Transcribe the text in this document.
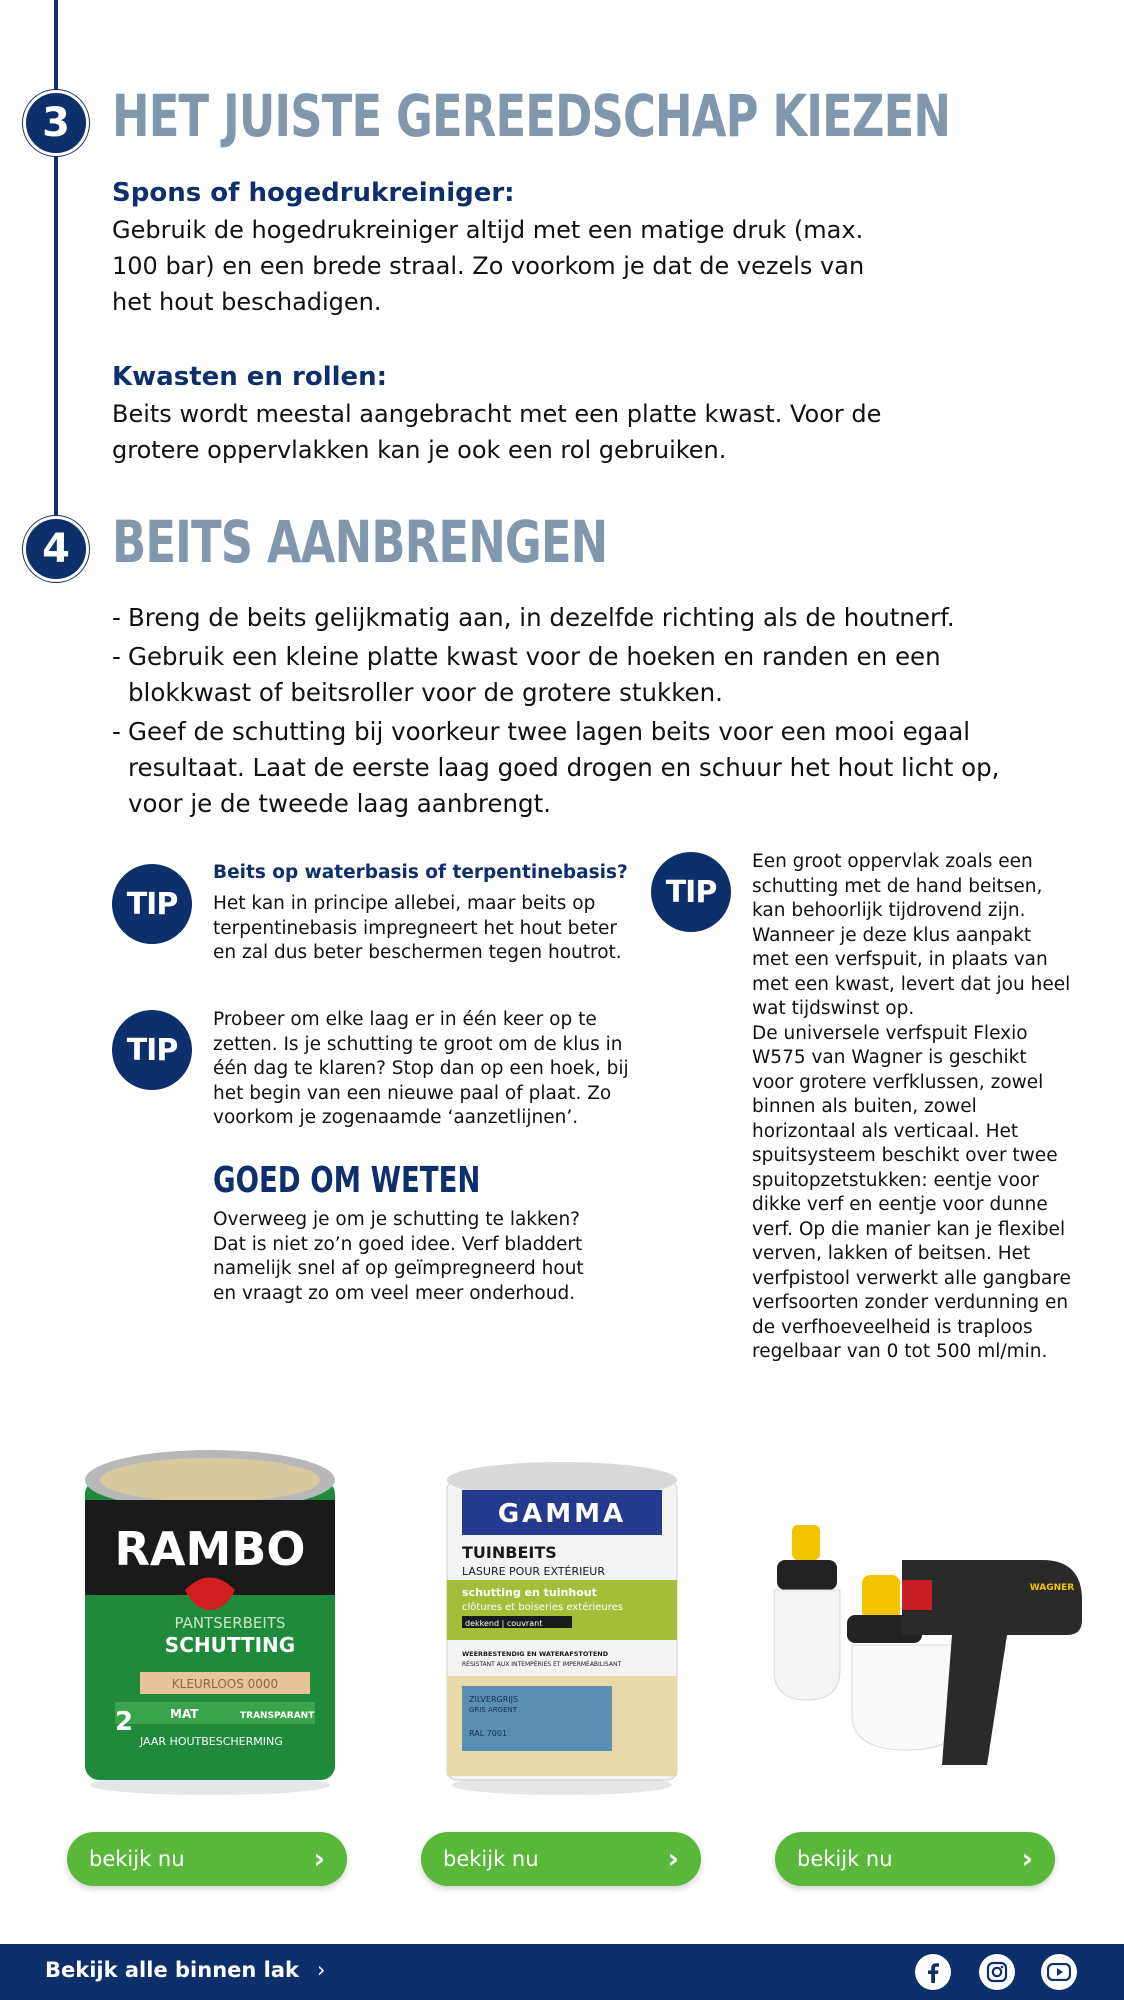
3 HET JUISTE GEREEDSCHAP KIEZEN
Spons of hogedrukreiniger:

Gebruik de hogedrukreiniger altijd met een matige druk (max. 100 bar) en een brede straal. Zo voorkom je dat de vezels van het hout beschadigen.

Kwasten en rollen:

Beits wordt meestal aangebracht met een platte kwast. Voor de grotere oppervlakken kan je ook een rol gebruiken.

4 BEITS AANBRENGEN
- Breng de beits gelijkmatig aan, in dezelfde richting als de houtnerf.
- Gebruik een kleine platte kwast voor de hoeken en randen en een blokkwast of beitsroller voor de grotere stukken.
- Geef de schutting bij voorkeur twee lagen beits voor een mooi egaal resultaat. Laat de eerste laag goed drogen en schuur het hout licht op, voor je de tweede laag aanbrengt.
TIP
Beits op waterbasis of terpentinebasis?

Het kan in principe allebei, maar beits op terpentinebasis impregneert het hout beter en zal dus beter beschermen tegen houtrot.

TIP

Probeer om elke laag er in één keer op te zetten. Is je schutting te groot om de klus in één dag te klaren? Stop dan op een hoek, bij het begin van een nieuwe paal of plaat. Zo voorkom je zogenaamde ‘aanzetlijnen’.

GOED OM WETEN

Overweeg je om je schutting te lakken? Dat is niet zo’n goed idee. Verf bladdert namelijk snel af op geïmpregneerd hout en vraagt zo om veel meer onderhoud.

TIP

Een groot oppervlak zoals een schutting met de hand beitsen, kan behoorlijk tijdrovend zijn. Wanneer je deze klus aanpakt met een verfspuit, in plaats van met een kwast, levert dat jou heel wat tijdswinst op.
De universele verfspuit Flexio W575 van Wagner is geschikt voor grotere verfklussen, zowel binnen als buiten, zowel horizontaal als verticaal. Het spuitsysteem beschikt over twee spuitopzetstukken: eentje voor dikke verf en eentje voor dunne verf. Op die manier kan je flexibel verven, lakken of beitsen. Het verfpistool verwerkt alle gangbare verfsoorten zonder verdunning en de verfhoeveelheid is traploos regelbaar van 0 tot 500 ml/min.

RAMBO
PANTSERBEITS
SCHUTTING
KLEURLOOS 0000
2	MAT	TRANSPARANT
JAAR HOUTBESCHERMING
GAMMA
TUINBEITS
LASURE POUR EXTÉRIEUR
schutting en tuinhout
clôtures et boiseries extérieures
dekkend | couvrant
WEERBESTENDIG EN WATERAFSTOTEND
RÉSISTANT AUX INTEMPÉRIES ET IMPERMÉABILISANT
ZILVERGRIJS
GRIS ARGENT
RAL 7001
WAGNER
bekijk nu	›	bekijk nu	›	bekijk nu	›
Bekijk alle binnen lak ›
